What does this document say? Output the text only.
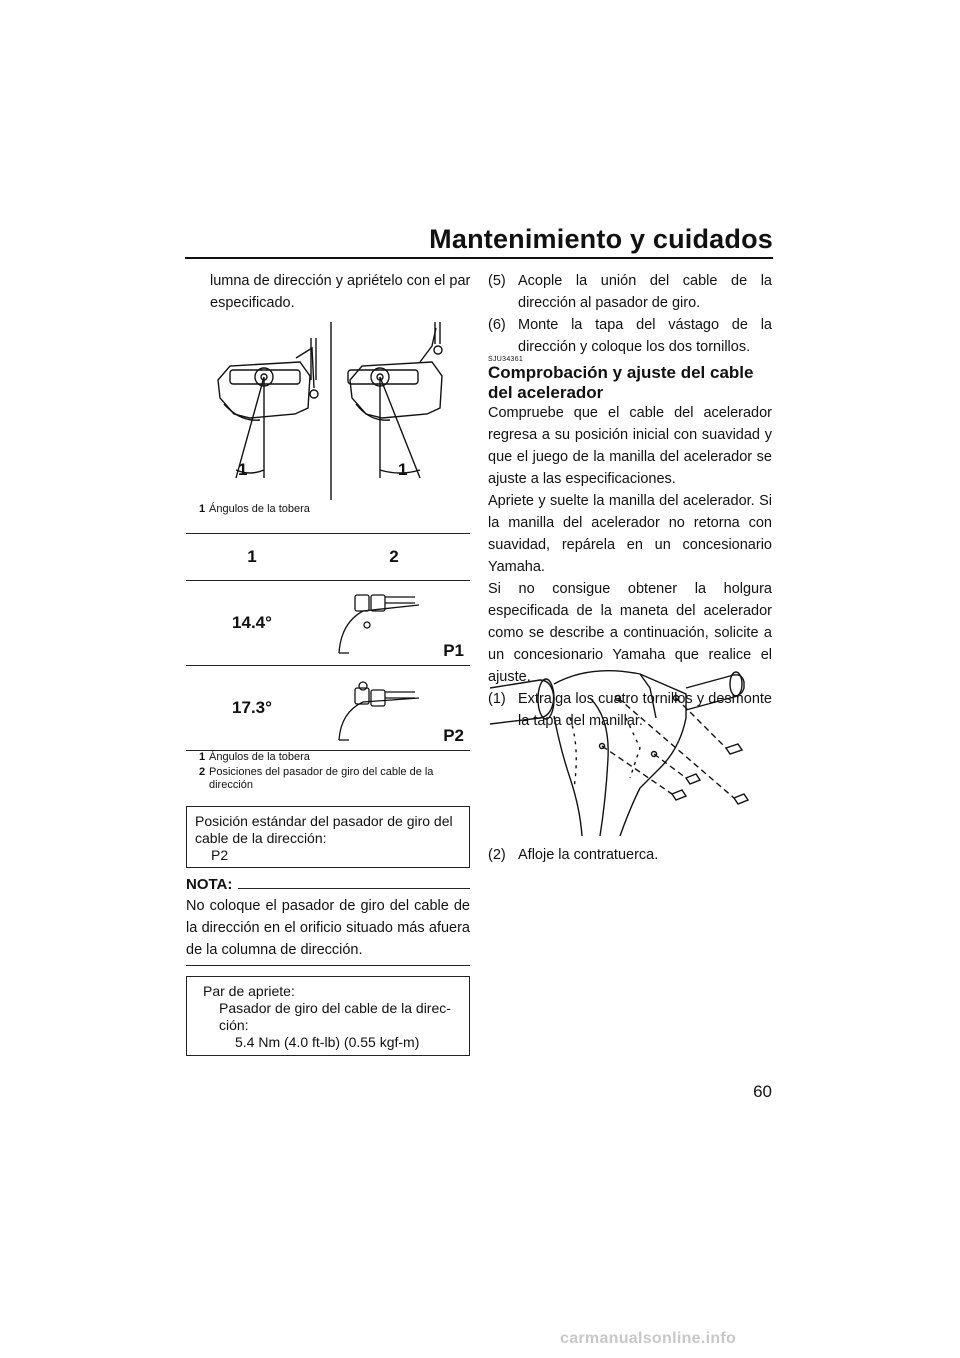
Mantenimiento y cuidados
lumna de dirección y apriételo con el par
especificado.
1	1
1 Ángulos de la tobera
1	2
14.4°	P1

17.3°	P2
1 Ángulos de la tobera
2 Posiciones del pasador de giro del cable de la dirección
Posición estándar del pasador de giro del
cable de la dirección:
P2
NOTA:
No coloque el pasador de giro del cable de la dirección en el orificio situado más afuera de la columna de dirección.
Par de apriete:
Pasador de giro del cable de la direc-
ción:
5.4 Nm (4.0 ft-lb) (0.55 kgf-m)
(5) Acople la unión del cable de la dirección al pasador de giro.
(6) Monte la tapa del vástago de la dirección y coloque los dos tornillos.
SJU34361
Comprobación y ajuste del cable del acelerador
Compruebe que el cable del acelerador regresa a su posición inicial con suavidad y que el juego de la manilla del acelerador se ajuste a las especificaciones.
Apriete y suelte la manilla del acelerador. Si la manilla del acelerador no retorna con suavidad, repárela en un concesionario Yamaha.
Si no consigue obtener la holgura especificada de la maneta del acelerador como se describe a continuación, solicite a un concesionario Yamaha que realice el ajuste.
(1) Extraiga los cuatro tornillos y desmonte la tapa del manillar.
(2) Afloje la contratuerca.
60
carmanualsonline.info
